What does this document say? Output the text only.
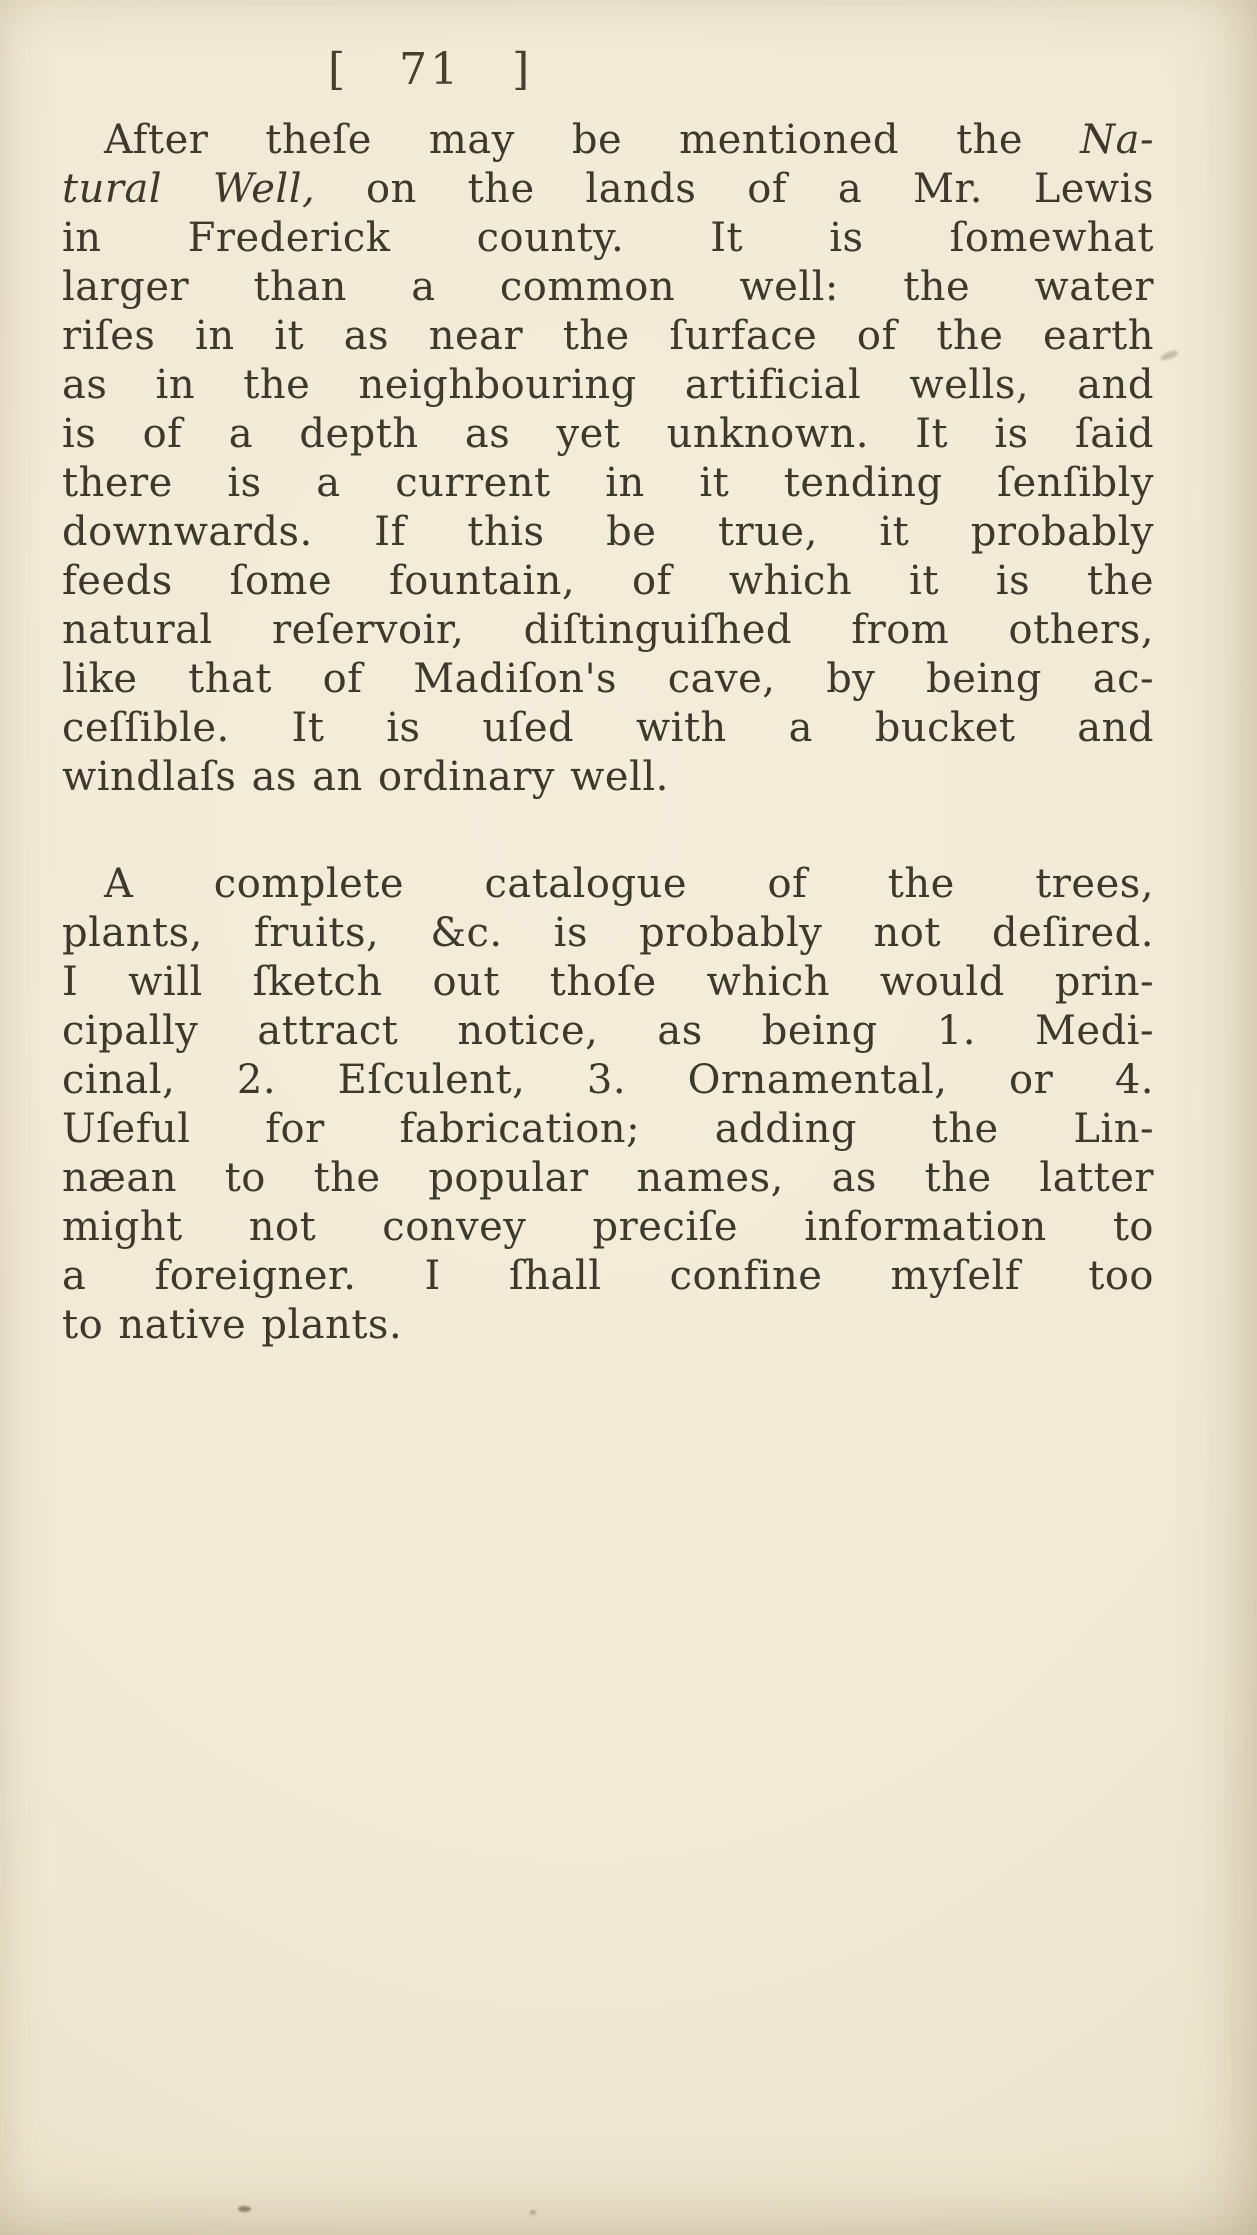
[   71   ]
After theſe may be mentioned the Na-
tural Well, on the lands of a Mr. Lewis
in Frederick county. It is ſomewhat
larger than a common well: the water
riſes in it as near the ſurface of the earth
as in the neighbouring artificial wells, and
is of a depth as yet unknown. It is ſaid
there is a current in it tending ſenſibly
downwards. If this be true, it probably
feeds ſome fountain, of which it is the
natural reſervoir, diſtinguiſhed from others,
like that of Madiſon's cave, by being ac-
ceſſible. It is uſed with a bucket and
windlaſs as an ordinary well.
A complete catalogue of the trees,
plants, fruits, &c. is probably not deſired.
I will ſketch out thoſe which would prin-
cipally attract notice, as being 1. Medi-
cinal, 2. Eſculent, 3. Ornamental, or 4.
Uſeful for fabrication; adding the Lin-
næan to the popular names, as the latter
might not convey preciſe information to
a foreigner. I ſhall confine myſelf too
to native plants.
